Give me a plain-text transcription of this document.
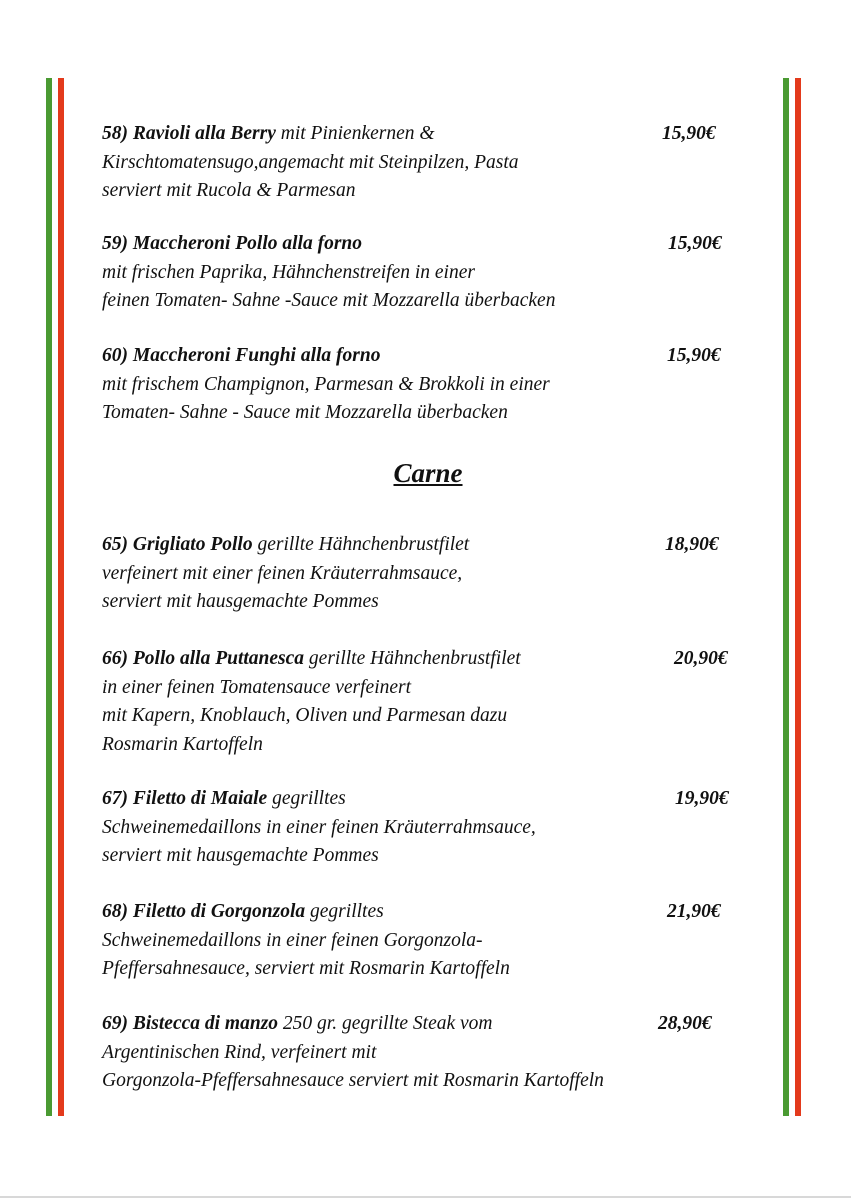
58) Ravioli alla Berry mit Pinienkernen &
Kirschtomatensugo,angemacht mit Steinpilzen, Pasta
serviert mit Rucola & Parmesan
15,90€
59) Maccheroni Pollo alla forno
mit frischen Paprika, Hähnchenstreifen in einer
feinen Tomaten- Sahne -Sauce mit Mozzarella überbacken
15,90€
60) Maccheroni Funghi alla forno
mit frischem Champignon, Parmesan & Brokkoli in einer
Tomaten- Sahne - Sauce mit Mozzarella überbacken
15,90€
Carne
65) Grigliato Pollo gerillte Hähnchenbrustfilet
verfeinert mit einer feinen Kräuterrahmsauce,
serviert mit hausgemachte Pommes
18,90€
66) Pollo alla Puttanesca gerillte Hähnchenbrustfilet
in einer feinen Tomatensauce verfeinert
mit Kapern, Knoblauch, Oliven und Parmesan dazu
Rosmarin Kartoffeln
20,90€
67) Filetto di Maiale gegrilltes
Schweinemedaillons in einer feinen Kräuterrahmsauce,
serviert mit hausgemachte Pommes
19,90€
68) Filetto di Gorgonzola gegrilltes
Schweinemedaillons in einer feinen Gorgonzola-
Pfeffersahnesauce, serviert mit Rosmarin Kartoffeln
21,90€
69) Bistecca di manzo 250 gr. gegrillte Steak vom
Argentinischen Rind, verfeinert mit
Gorgonzola-Pfeffersahnesauce serviert mit Rosmarin Kartoffeln
28,90€
